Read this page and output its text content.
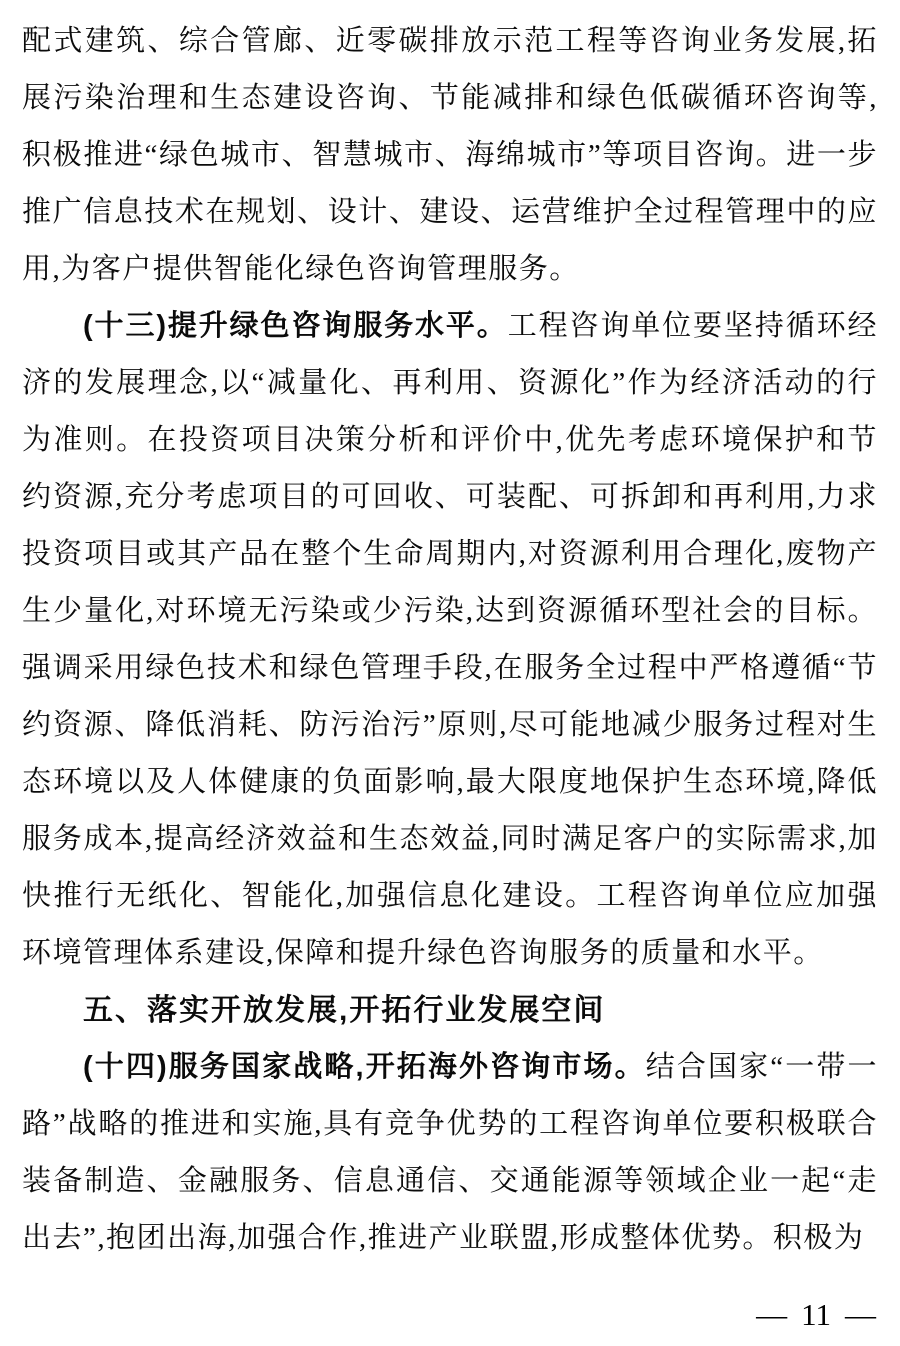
配式建筑、综合管廊、近零碳排放示范工程等咨询业务发展,拓展污染治理和生态建设咨询、节能减排和绿色低碳循环咨询等,积极推进“绿色城市、智慧城市、海绵城市”等项目咨询。进一步推广信息技术在规划、设计、建设、运营维护全过程管理中的应用,为客户提供智能化绿色咨询管理服务。

(十三)提升绿色咨询服务水平。工程咨询单位要坚持循环经济的发展理念,以“减量化、再利用、资源化”作为经济活动的行为准则。在投资项目决策分析和评价中,优先考虑环境保护和节约资源,充分考虑项目的可回收、可装配、可拆卸和再利用,力求投资项目或其产品在整个生命周期内,对资源利用合理化,废物产生少量化,对环境无污染或少污染,达到资源循环型社会的目标。强调采用绿色技术和绿色管理手段,在服务全过程中严格遵循“节约资源、降低消耗、防污治污”原则,尽可能地减少服务过程对生态环境以及人体健康的负面影响,最大限度地保护生态环境,降低服务成本,提高经济效益和生态效益,同时满足客户的实际需求,加快推行无纸化、智能化,加强信息化建设。工程咨询单位应加强环境管理体系建设,保障和提升绿色咨询服务的质量和水平。

五、落实开放发展,开拓行业发展空间

(十四)服务国家战略,开拓海外咨询市场。结合国家“一带一路”战略的推进和实施,具有竞争优势的工程咨询单位要积极联合装备制造、金融服务、信息通信、交通能源等领域企业一起“走出去”,抱团出海,加强合作,推进产业联盟,形成整体优势。积极为

— 11 —
